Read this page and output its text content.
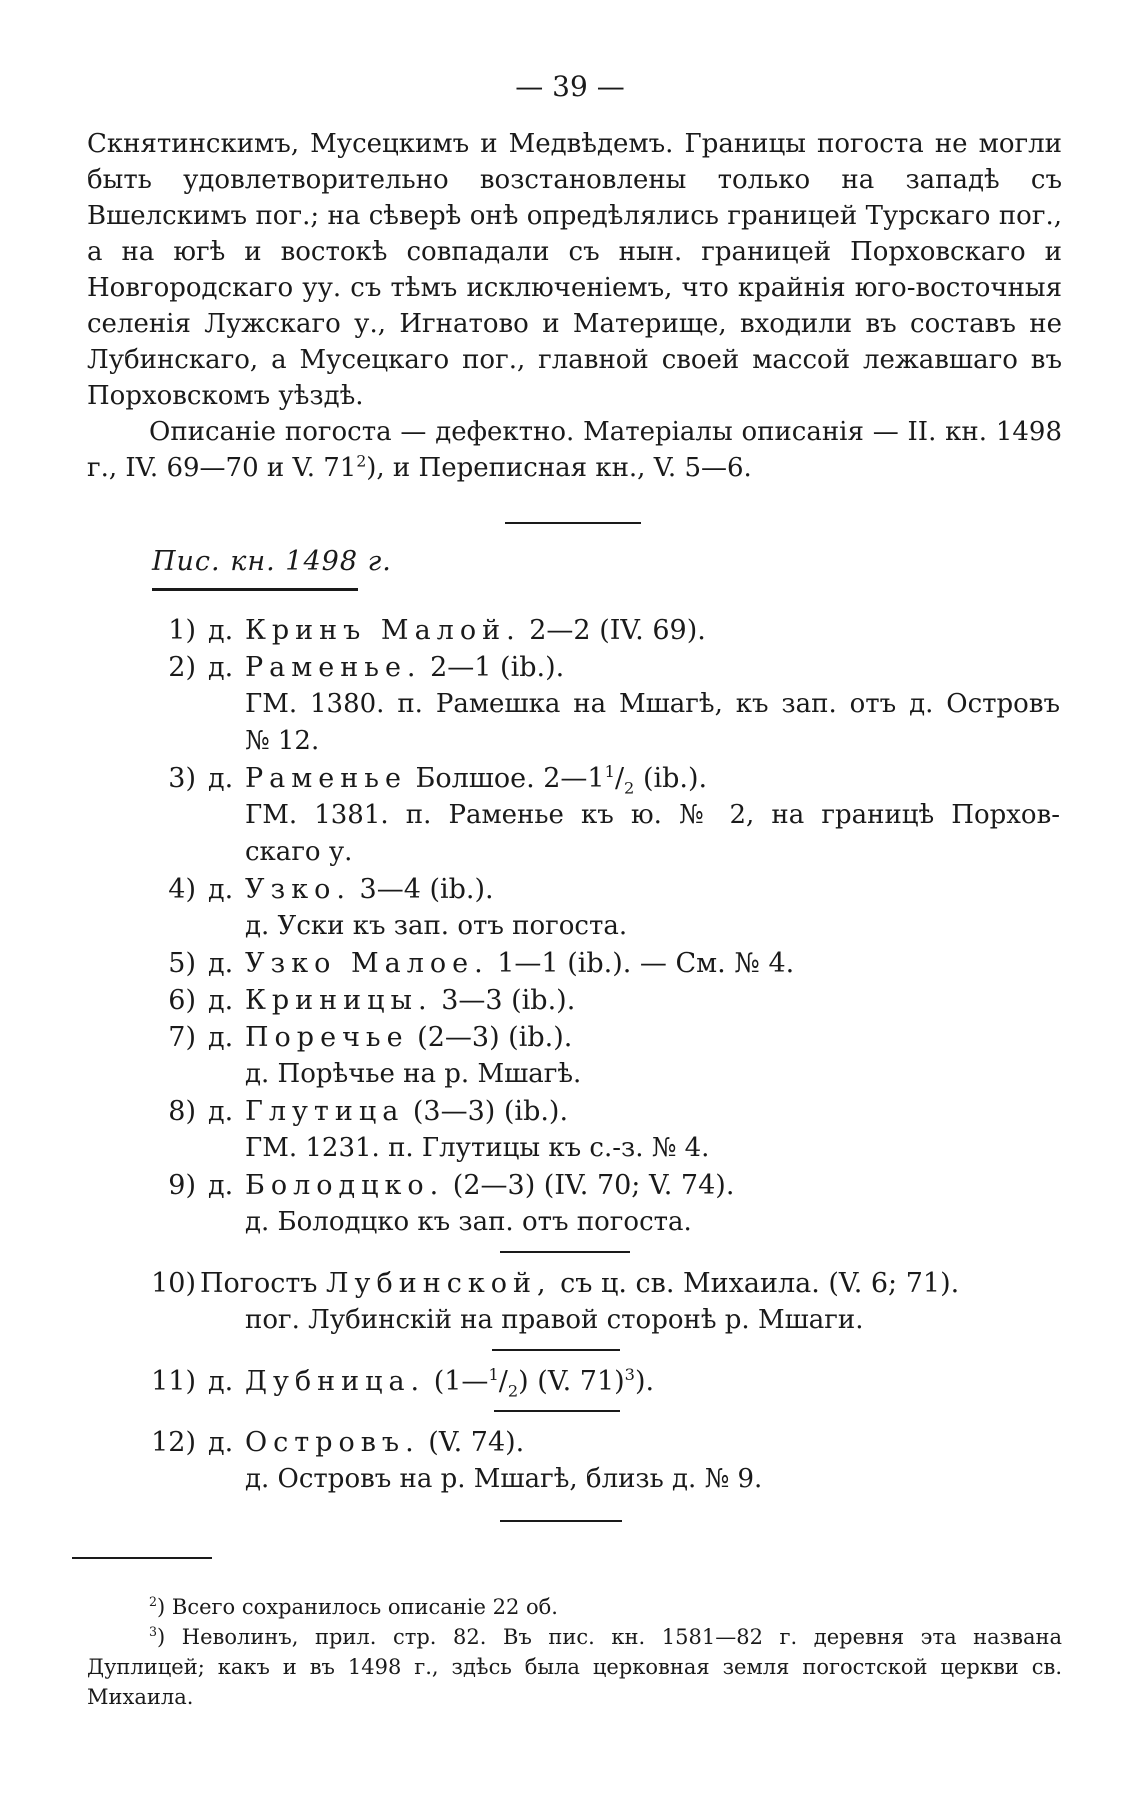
— 39 —

Скнятинскимъ, Мусецкимъ и Медвѣдемъ. Границы погоста не могли быть удовлетворительно возстановлены только на западѣ съ Вшелскимъ пог.; на сѣверѣ онѣ опредѣлялись границей Турскаго пог., а на югѣ и востокѣ совпадали съ нын. границей Порховскаго и Новгородскаго уу. съ тѣмъ исключеніемъ, что крайнія юго-восточныя селенія Лужскаго у., Игнатово и Материще, входили въ составъ не Лубинскаго, а Мусецкаго пог., главной своей массой лежавшаго въ Порховскомъ уѣздѣ.

Описаніе погоста — дефектно. Матеріалы описанія — II. кн. 1498 г., IV. 69—70 и V. $71^2$), и Переписная кн., V. 5—6.

Пис. кн. 1498 г.
1) д. Кринъ Малой. 2—2 (IV. 69).
2) д. Раменье. 2—1 (ib.).
ГМ. 1380. п. Рамешка на Мшагѣ, къ зап. отъ д. Островъ
№ 12.
3) д. Раменье Болшое. $2—1^1/_2$ (ib.).
ГМ. 1381. п. Раменье къ ю. № 2, на границѣ Порхов-
скаго у.
4) д. Узко. 3—4 (ib.).
д. Уски къ зап. отъ погоста.
5) д. Узко Малое. 1—1 (ib.). — См. № 4.
6) д. Криницы. 3—3 (ib.).
7) д. Поречье (2—3) (ib.).
д. Порѣчье на р. Мшагѣ.
8) д. Глутица (3—3) (ib.).
ГМ. 1231. п. Глутицы къ с.-з. № 4.
9) д. Болодцко. (2—3) (IV. 70; V. 74).
д. Болодцко къ зап. отъ погоста.
10) Погостъ Лубинской, съ ц. св. Михаила. (V. 6; 71).
пог. Лубинскій на правой сторонѣ р. Мшаги.
11) д. Дубница. $(1—^1/_2)$ (V. 71)$^3$).
12) д. Островъ. (V. 74).
д. Островъ на р. Мшагѣ, близь д. № 9.

$^2$) Всего сохранилось описаніе 22 об.

$^3$) Неволинъ, прил. стр. 82. Въ пис. кн. 1581—82 г. деревня эта названа Дуплицей; какъ и въ 1498 г., здѣсь была церковная земля погостской церкви св. Михаила.
